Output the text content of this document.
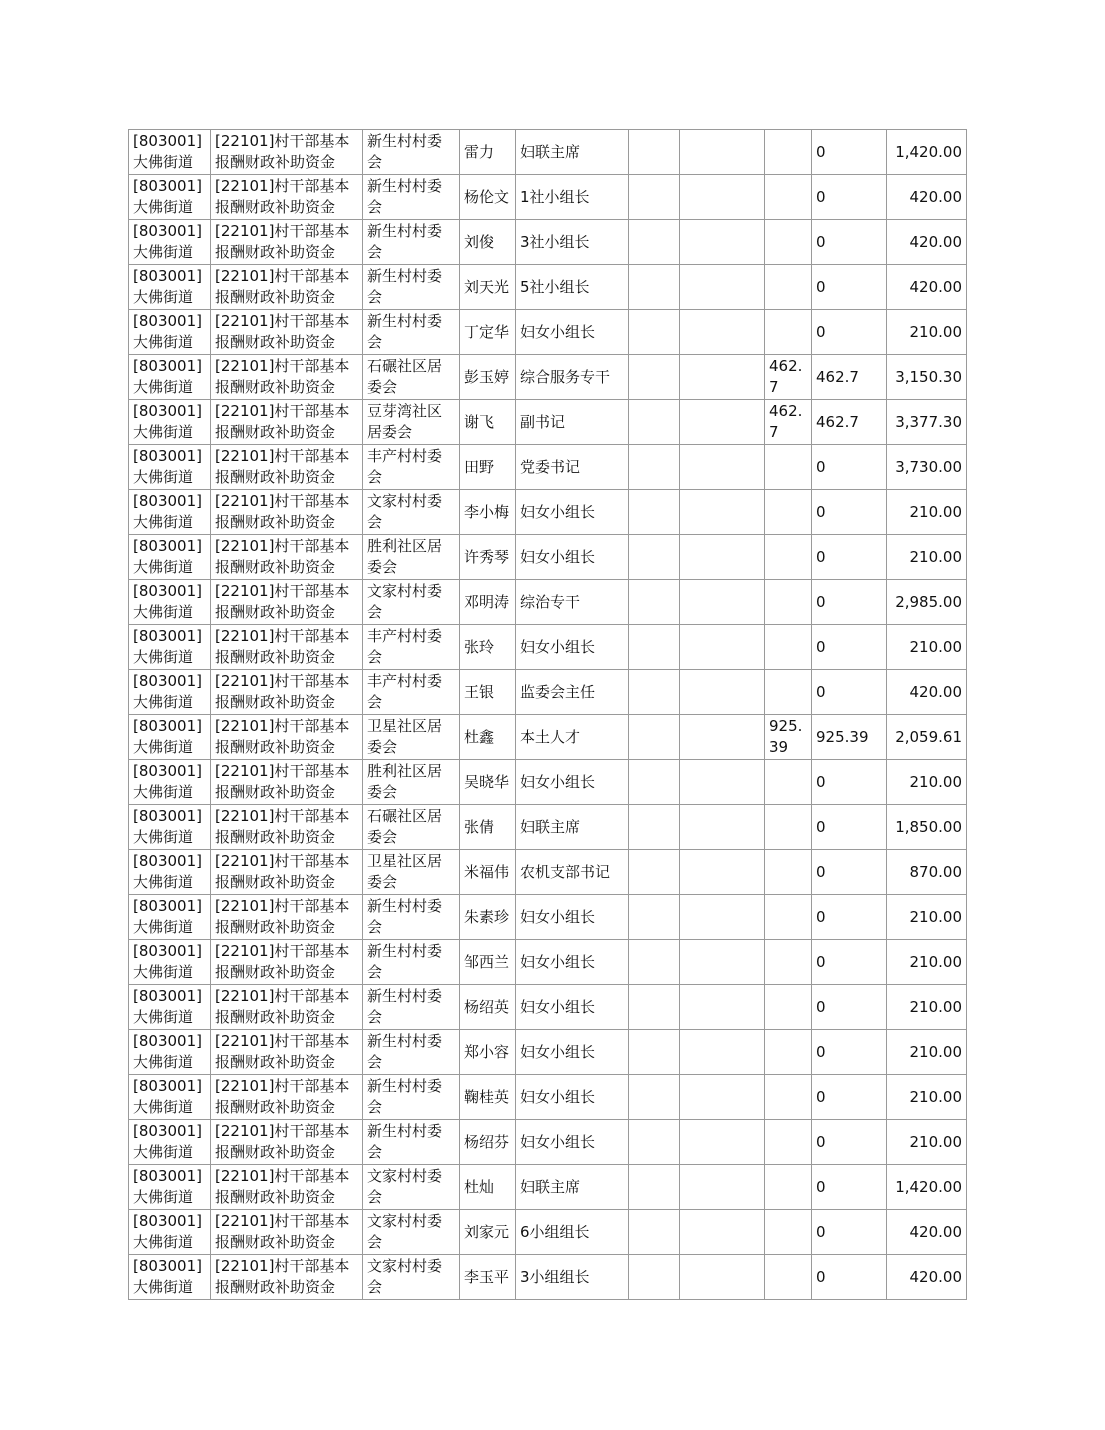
[803001]大佛街道	[22101]村干部基本报酬财政补助资金	新生村村委会	雷力	妇联主席				0	1,420.00
[803001]大佛街道	[22101]村干部基本报酬财政补助资金	新生村村委会	杨伦文	1社小组长				0	420.00
[803001]大佛街道	[22101]村干部基本报酬财政补助资金	新生村村委会	刘俊	3社小组长				0	420.00
[803001]大佛街道	[22101]村干部基本报酬财政补助资金	新生村村委会	刘天光	5社小组长				0	420.00
[803001]大佛街道	[22101]村干部基本报酬财政补助资金	新生村村委会	丁定华	妇女小组长				0	210.00
[803001]大佛街道	[22101]村干部基本报酬财政补助资金	石碾社区居委会	彭玉婷	综合服务专干			462.7	462.7	3,150.30
[803001]大佛街道	[22101]村干部基本报酬财政补助资金	豆芽湾社区居委会	谢飞	副书记			462.7	462.7	3,377.30
[803001]大佛街道	[22101]村干部基本报酬财政补助资金	丰产村村委会	田野	党委书记				0	3,730.00
[803001]大佛街道	[22101]村干部基本报酬财政补助资金	文家村村委会	李小梅	妇女小组长				0	210.00
[803001]大佛街道	[22101]村干部基本报酬财政补助资金	胜利社区居委会	许秀琴	妇女小组长				0	210.00
[803001]大佛街道	[22101]村干部基本报酬财政补助资金	文家村村委会	邓明涛	综治专干				0	2,985.00
[803001]大佛街道	[22101]村干部基本报酬财政补助资金	丰产村村委会	张玲	妇女小组长				0	210.00
[803001]大佛街道	[22101]村干部基本报酬财政补助资金	丰产村村委会	王银	监委会主任				0	420.00
[803001]大佛街道	[22101]村干部基本报酬财政补助资金	卫星社区居委会	杜鑫	本土人才			925.39	925.39	2,059.61
[803001]大佛街道	[22101]村干部基本报酬财政补助资金	胜利社区居委会	吴晓华	妇女小组长				0	210.00
[803001]大佛街道	[22101]村干部基本报酬财政补助资金	石碾社区居委会	张倩	妇联主席				0	1,850.00
[803001]大佛街道	[22101]村干部基本报酬财政补助资金	卫星社区居委会	米福伟	农机支部书记				0	870.00
[803001]大佛街道	[22101]村干部基本报酬财政补助资金	新生村村委会	朱素珍	妇女小组长				0	210.00
[803001]大佛街道	[22101]村干部基本报酬财政补助资金	新生村村委会	邹西兰	妇女小组长				0	210.00
[803001]大佛街道	[22101]村干部基本报酬财政补助资金	新生村村委会	杨绍英	妇女小组长				0	210.00
[803001]大佛街道	[22101]村干部基本报酬财政补助资金	新生村村委会	郑小容	妇女小组长				0	210.00
[803001]大佛街道	[22101]村干部基本报酬财政补助资金	新生村村委会	鞠桂英	妇女小组长				0	210.00
[803001]大佛街道	[22101]村干部基本报酬财政补助资金	新生村村委会	杨绍芬	妇女小组长				0	210.00
[803001]大佛街道	[22101]村干部基本报酬财政补助资金	文家村村委会	杜灿	妇联主席				0	1,420.00
[803001]大佛街道	[22101]村干部基本报酬财政补助资金	文家村村委会	刘家元	6小组组长				0	420.00
[803001]大佛街道	[22101]村干部基本报酬财政补助资金	文家村村委会	李玉平	3小组组长				0	420.00
